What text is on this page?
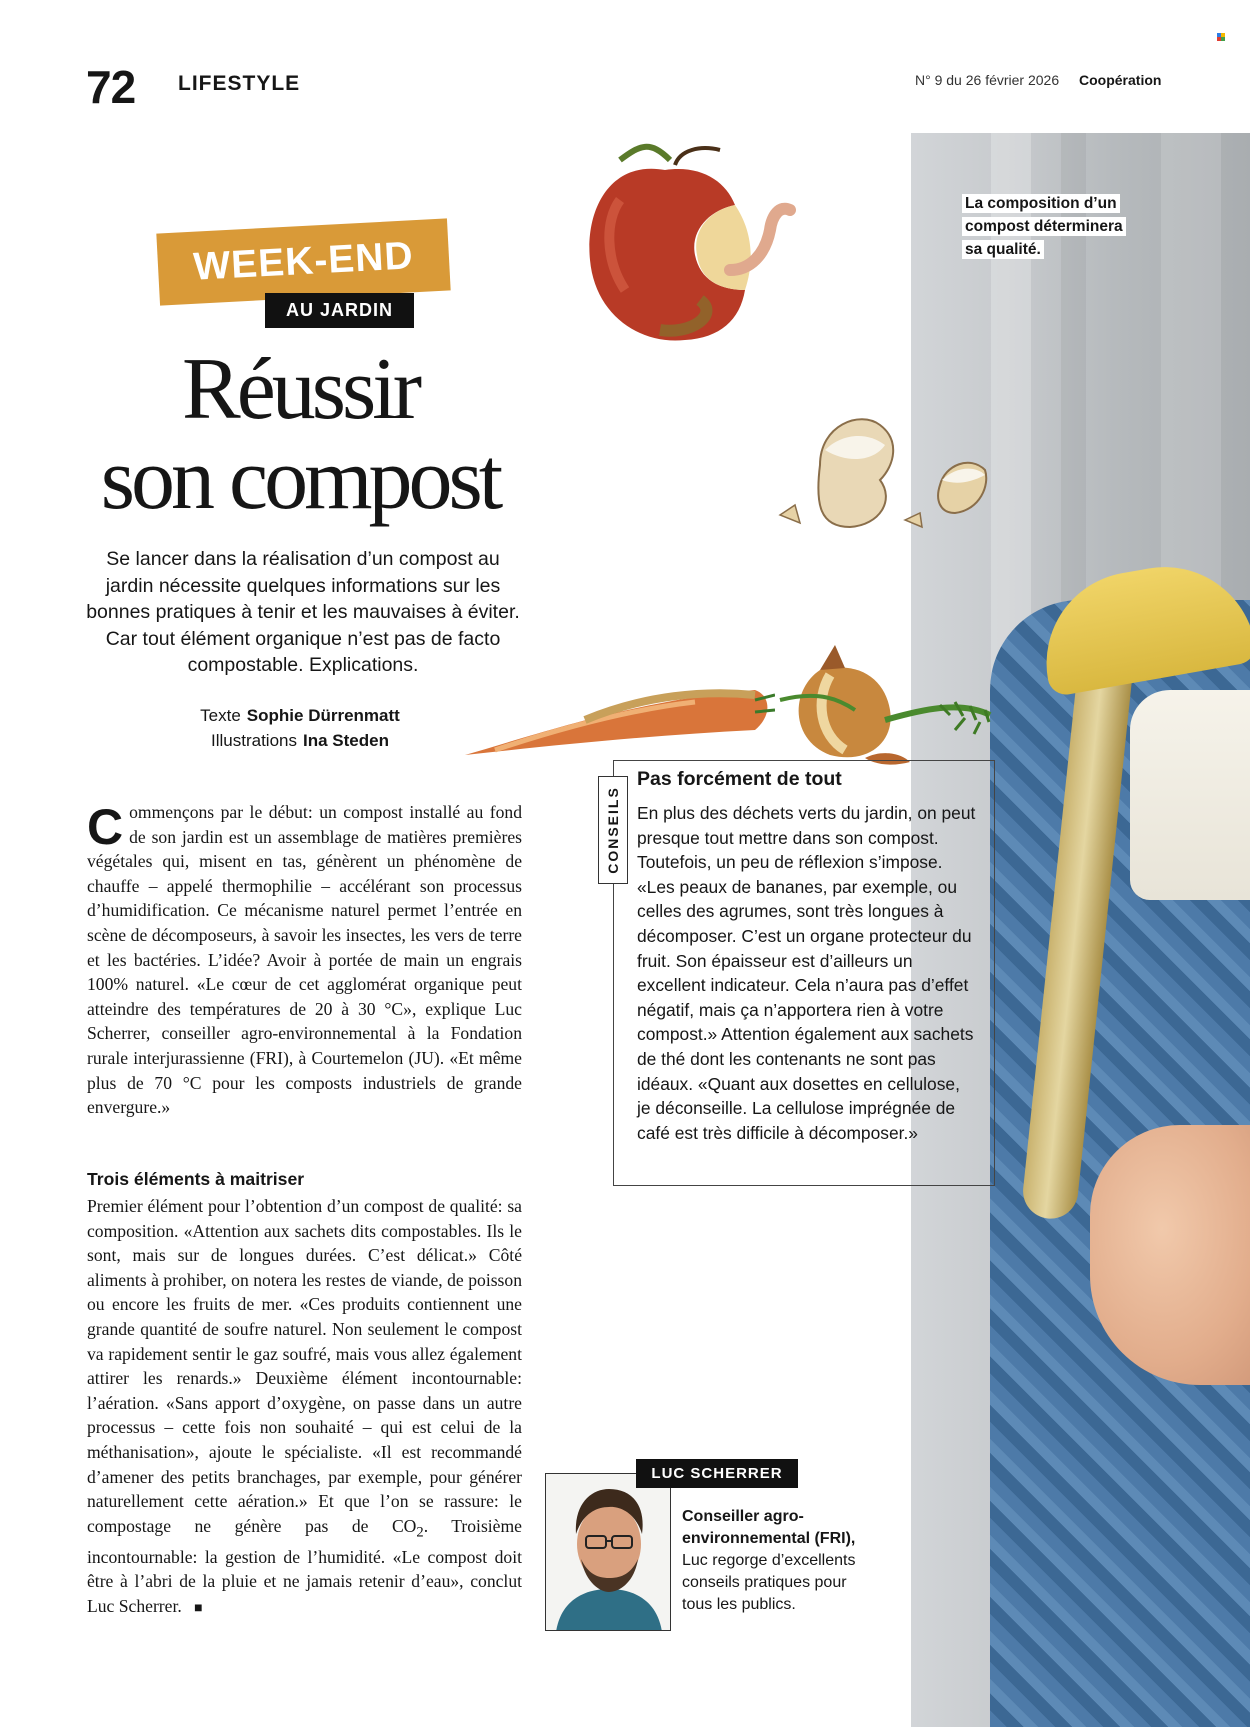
72 LIFESTYLE	N° 9 du 26 février 2026 Coopération
La composition d’un compost déterminera sa qualité.
WEEK-END
AU JARDIN
Réussir
son compost
Se lancer dans la réalisation d’un compost au jardin nécessite quelques informations sur les bonnes pratiques à tenir et les mauvaises à éviter. Car tout élément organique n’est pas de facto compostable. Explications.
Texte Sophie Dürrenmatt
Illustrations Ina Steden
Commençons par le début: un compost installé au fond de son jardin est un assemblage de matières premières végétales qui, misent en tas, génèrent un phénomène de chauffe – appelé thermophilie – accélérant son processus d’humidification. Ce mécanisme naturel permet l’entrée en scène de décomposeurs, à savoir les insectes, les vers de terre et les bactéries. L’idée? Avoir à portée de main un engrais 100% naturel. «Le cœur de cet agglomérat organique peut atteindre des températures de 20 à 30 °C», explique Luc Scherrer, conseiller agro-environnemental à la Fondation rurale interjurassienne (FRI), à Courtemelon (JU). «Et même plus de 70 °C pour les composts industriels de grande envergure.»
Trois éléments à maitriser
Premier élément pour l’obtention d’un compost de qualité: sa composition. «Attention aux sachets dits compostables. Ils le sont, mais sur de longues durées. C’est délicat.» Côté aliments à prohiber, on notera les restes de viande, de poisson ou encore les fruits de mer. «Ces produits contiennent une grande quantité de soufre naturel. Non seulement le compost va rapidement sentir le gaz soufré, mais vous allez également attirer les renards.» Deuxième élément incontournable: l’aération. «Sans apport d’oxygène, on passe dans un autre processus – cette fois non souhaité – qui est celui de la méthanisation», ajoute le spécialiste. «Il est recommandé d’amener des petits branchages, par exemple, pour générer naturellement cette aération.» Et que l’on se rassure: le compostage ne génère pas de $CO_2$. Troisième incontournable: la gestion de l’humidité. «Le compost doit être à l’abri de la pluie et ne jamais retenir d’eau», conclut Luc Scherrer. ■
CONSEILS
Pas forcément de tout
En plus des déchets verts du jardin, on peut presque tout mettre dans son compost. Toutefois, un peu de réflexion s’impose. «Les peaux de bananes, par exemple, ou celles des agrumes, sont très longues à décomposer. C’est un organe protecteur du fruit. Son épaisseur est d’ailleurs un excellent indicateur. Cela n’aura pas d’effet négatif, mais ça n’apportera rien à votre compost.» Attention également aux sachets de thé dont les contenants ne sont pas idéaux. «Quant aux dosettes en cellulose, je déconseille. La cellulose imprégnée de café est très difficile à décomposer.»
LUC SCHERRER
Conseiller agro-environnemental (FRI),
Luc regorge d’excellents conseils pratiques pour tous les publics.
